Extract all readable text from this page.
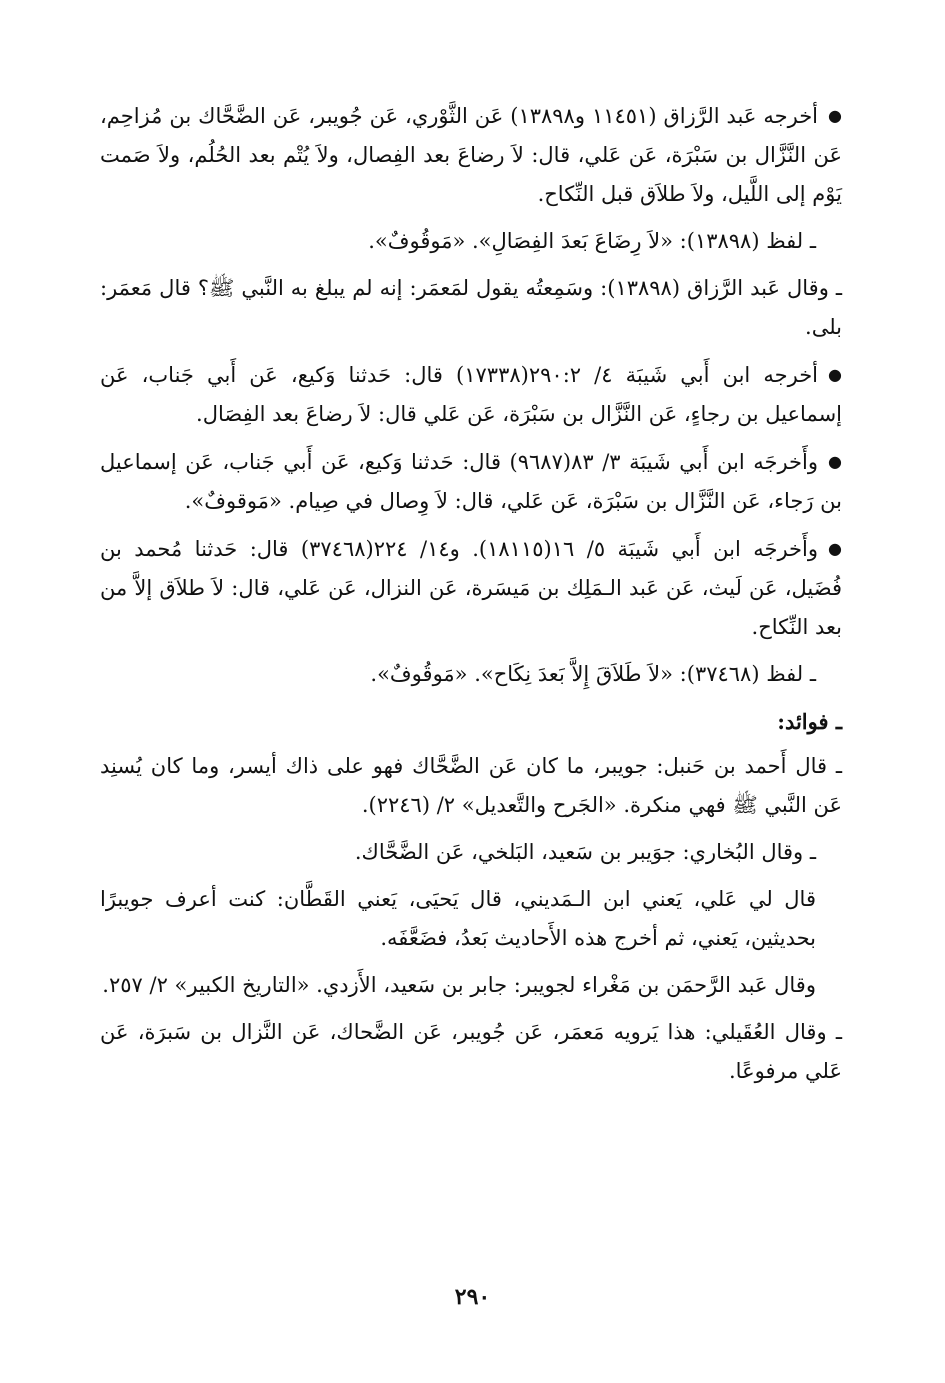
●أخرجه عَبد الرَّزاق (١١٤٥١ و١٣٨٩٨) عَن الثَّوْري، عَن جُويبر، عَن الضَّحَّاك بن مُزاحِم، عَن النَّزَّال بن سَبْرَة، عَن عَلي، قال: لاَ رضاعَ بعد الفِصال، ولاَ يُتْم بعد الحُلُم، ولاَ صَمت يَوْم إلى اللَّيل، ولاَ طلاَق قبل النِّكاح.

ـ لفظ (١٣٨٩٨): «لاَ رِضَاعَ بَعدَ الفِصَالِ». «مَوقُوفٌ».

ـ وقال عَبد الرَّزاق (١٣٨٩٨): وسَمِعتُه يقول لمَعمَر: إنه لم يبلغ به النَّبي ﷺ؟ قال مَعمَر: بلى.

●أخرجه ابن أَبي شَيبَة ٤/ ٢٩٠:٢(١٧٣٣٨) قال: حَدثنا وَكيع، عَن أَبي جَناب، عَن إسماعيل بن رجاءٍ، عَن النَّزَّال بن سَبْرَة، عَن عَلي قال: لاَ رضاعَ بعد الفِصَال.

●وأَخرجَه ابن أَبي شَيبَة ٣/ ٨٣(٩٦٨٧) قال: حَدثنا وَكيع، عَن أَبي جَناب، عَن إسماعيل بن رَجاء، عَن النَّزَّال بن سَبْرَة، عَن عَلي، قال: لاَ وِصال في صِيام. «مَوقوفٌ».

●وأَخرجَه ابن أَبي شَيبَة ٥/ ١٦(١٨١١٥). و١٤/ ٢٢٤(٣٧٤٦٨) قال: حَدثنا مُحمد بن فُضَيل، عَن لَيث، عَن عَبد الـمَلِك بن مَيسَرة، عَن النزال، عَن عَلي، قال: لاَ طلاَق إلاَّ من بعد النِّكاح.

ـ لفظ (٣٧٤٦٨): «لاَ طَلاَقَ إِلاَّ بَعدَ نِكَاح». «مَوقُوفٌ».

ـ فوائد:

ـ قال أَحمد بن حَنبل: جويبر، ما كان عَن الضَّحَّاك فهو على ذاك أيسر، وما كان يُسنِد عَن النَّبي ﷺ فهي منكرة. «الجَرح والتَّعديل» ٢/ (٢٢٤٦).

ـ وقال البُخاري: جوَيبر بن سَعيد، البَلخي، عَن الضَّحَّاك.

قال لي عَلي، يَعني ابن الـمَديني، قال يَحيَى، يَعني القَطَّان: كنت أعرف جويبرًا بحديثين، يَعني، ثم أخرج هذه الأَحاديث بَعدُ، فضَعَّفَه.

وقال عَبد الرَّحمَن بن مَغْراء لجويبر: جابر بن سَعيد، الأَزدي. «التاريخ الكبير» ٢/ ٢٥٧.

ـ وقال العُقَيلي: هذا يَرويه مَعمَر، عَن جُويبر، عَن الضَّحاك، عَن النَّزال بن سَبرَة، عَن عَلي مرفوعًا.

٢٩٠
